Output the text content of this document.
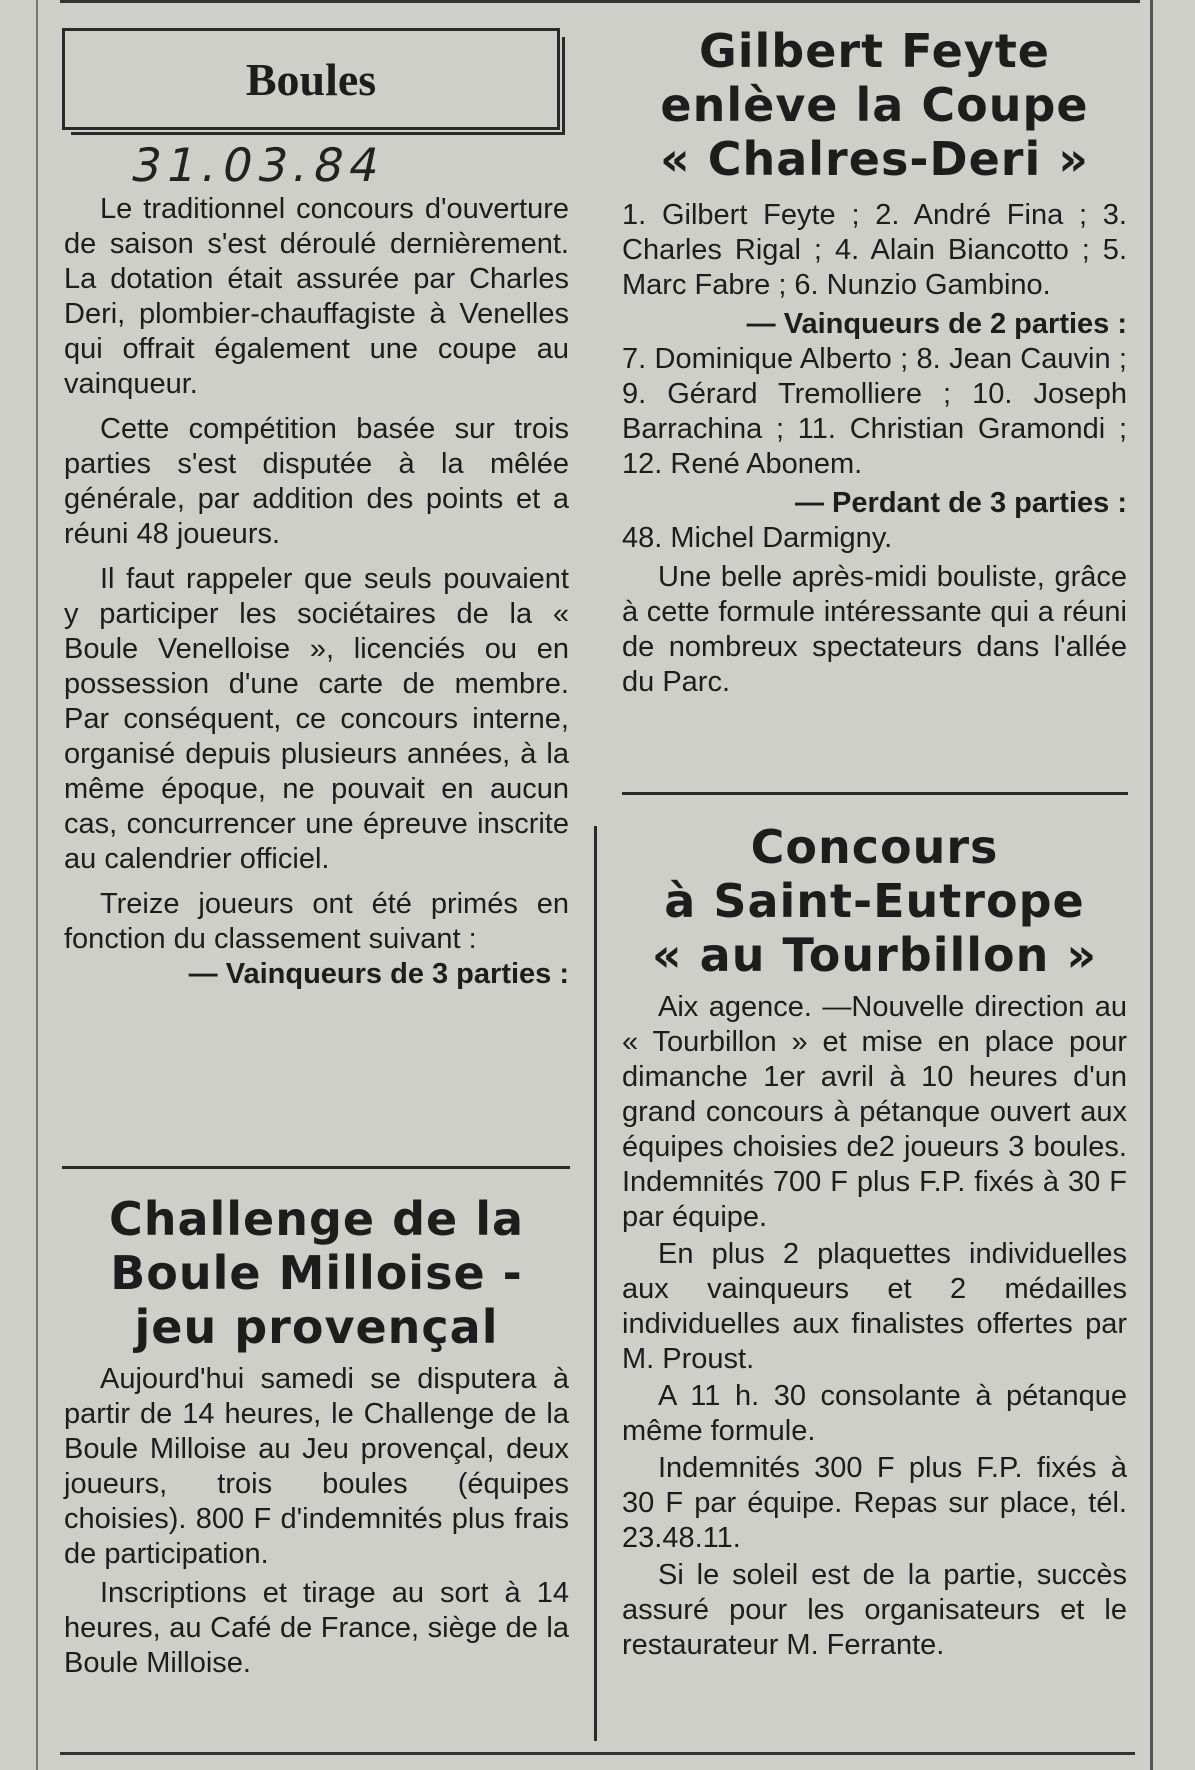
Boules
31.03.84

Le traditionnel concours d'ouverture de saison s'est déroulé dernièrement. La dotation était assurée par Charles Deri, plombier-chauffagiste à Venelles qui offrait également une coupe au vainqueur.

Cette compétition basée sur trois parties s'est disputée à la mêlée générale, par addition des points et a réuni 48 joueurs.

Il faut rappeler que seuls pouvaient y participer les sociétaires de la « Boule Venelloise », licenciés ou en possession d'une carte de membre. Par conséquent, ce concours interne, organisé depuis plusieurs années, à la même époque, ne pouvait en aucun cas, concurrencer une épreuve inscrite au calendrier officiel.

Treize joueurs ont été primés en fonction du classement suivant :

— Vainqueurs de 3 parties :

Challenge de la
Boule Milloise -
jeu provençal

Aujourd'hui samedi se disputera à partir de 14 heures, le Challenge de la Boule Milloise au Jeu provençal, deux joueurs, trois boules (équipes choisies). 800 F d'indemnités plus frais de participation.

Inscriptions et tirage au sort à 14 heures, au Café de France, siège de la Boule Milloise.

Gilbert Feyte
enlève la Coupe
« Chalres-Deri »

1. Gilbert Feyte ; 2. André Fina ; 3. Charles Rigal ; 4. Alain Biancotto ; 5. Marc Fabre ; 6. Nunzio Gambino.

— Vainqueurs de 2 parties :

7. Dominique Alberto ; 8. Jean Cauvin ; 9. Gérard Tremolliere ; 10. Joseph Barrachina ; 11. Christian Gramondi ; 12. René Abonem.

— Perdant de 3 parties :

48. Michel Darmigny.

Une belle après-midi bouliste, grâce à cette formule intéressante qui a réuni de nombreux spectateurs dans l'allée du Parc.

Concours
à Saint-Eutrope
« au Tourbillon »

Aix agence. —Nouvelle direction au « Tourbillon » et mise en place pour dimanche 1er avril à 10 heures d'un grand concours à pétanque ouvert aux équipes choisies de2 joueurs 3 boules. Indemnités 700 F plus F.P. fixés à 30 F par équipe.

En plus 2 plaquettes individuelles aux vainqueurs et 2 médailles individuelles aux finalistes offertes par M. Proust.

A 11 h. 30 consolante à pétanque même formule.

Indemnités 300 F plus F.P. fixés à 30 F par équipe. Repas sur place, tél. 23.48.11.

Si le soleil est de la partie, succès assuré pour les organisateurs et le restaurateur M. Ferrante.
